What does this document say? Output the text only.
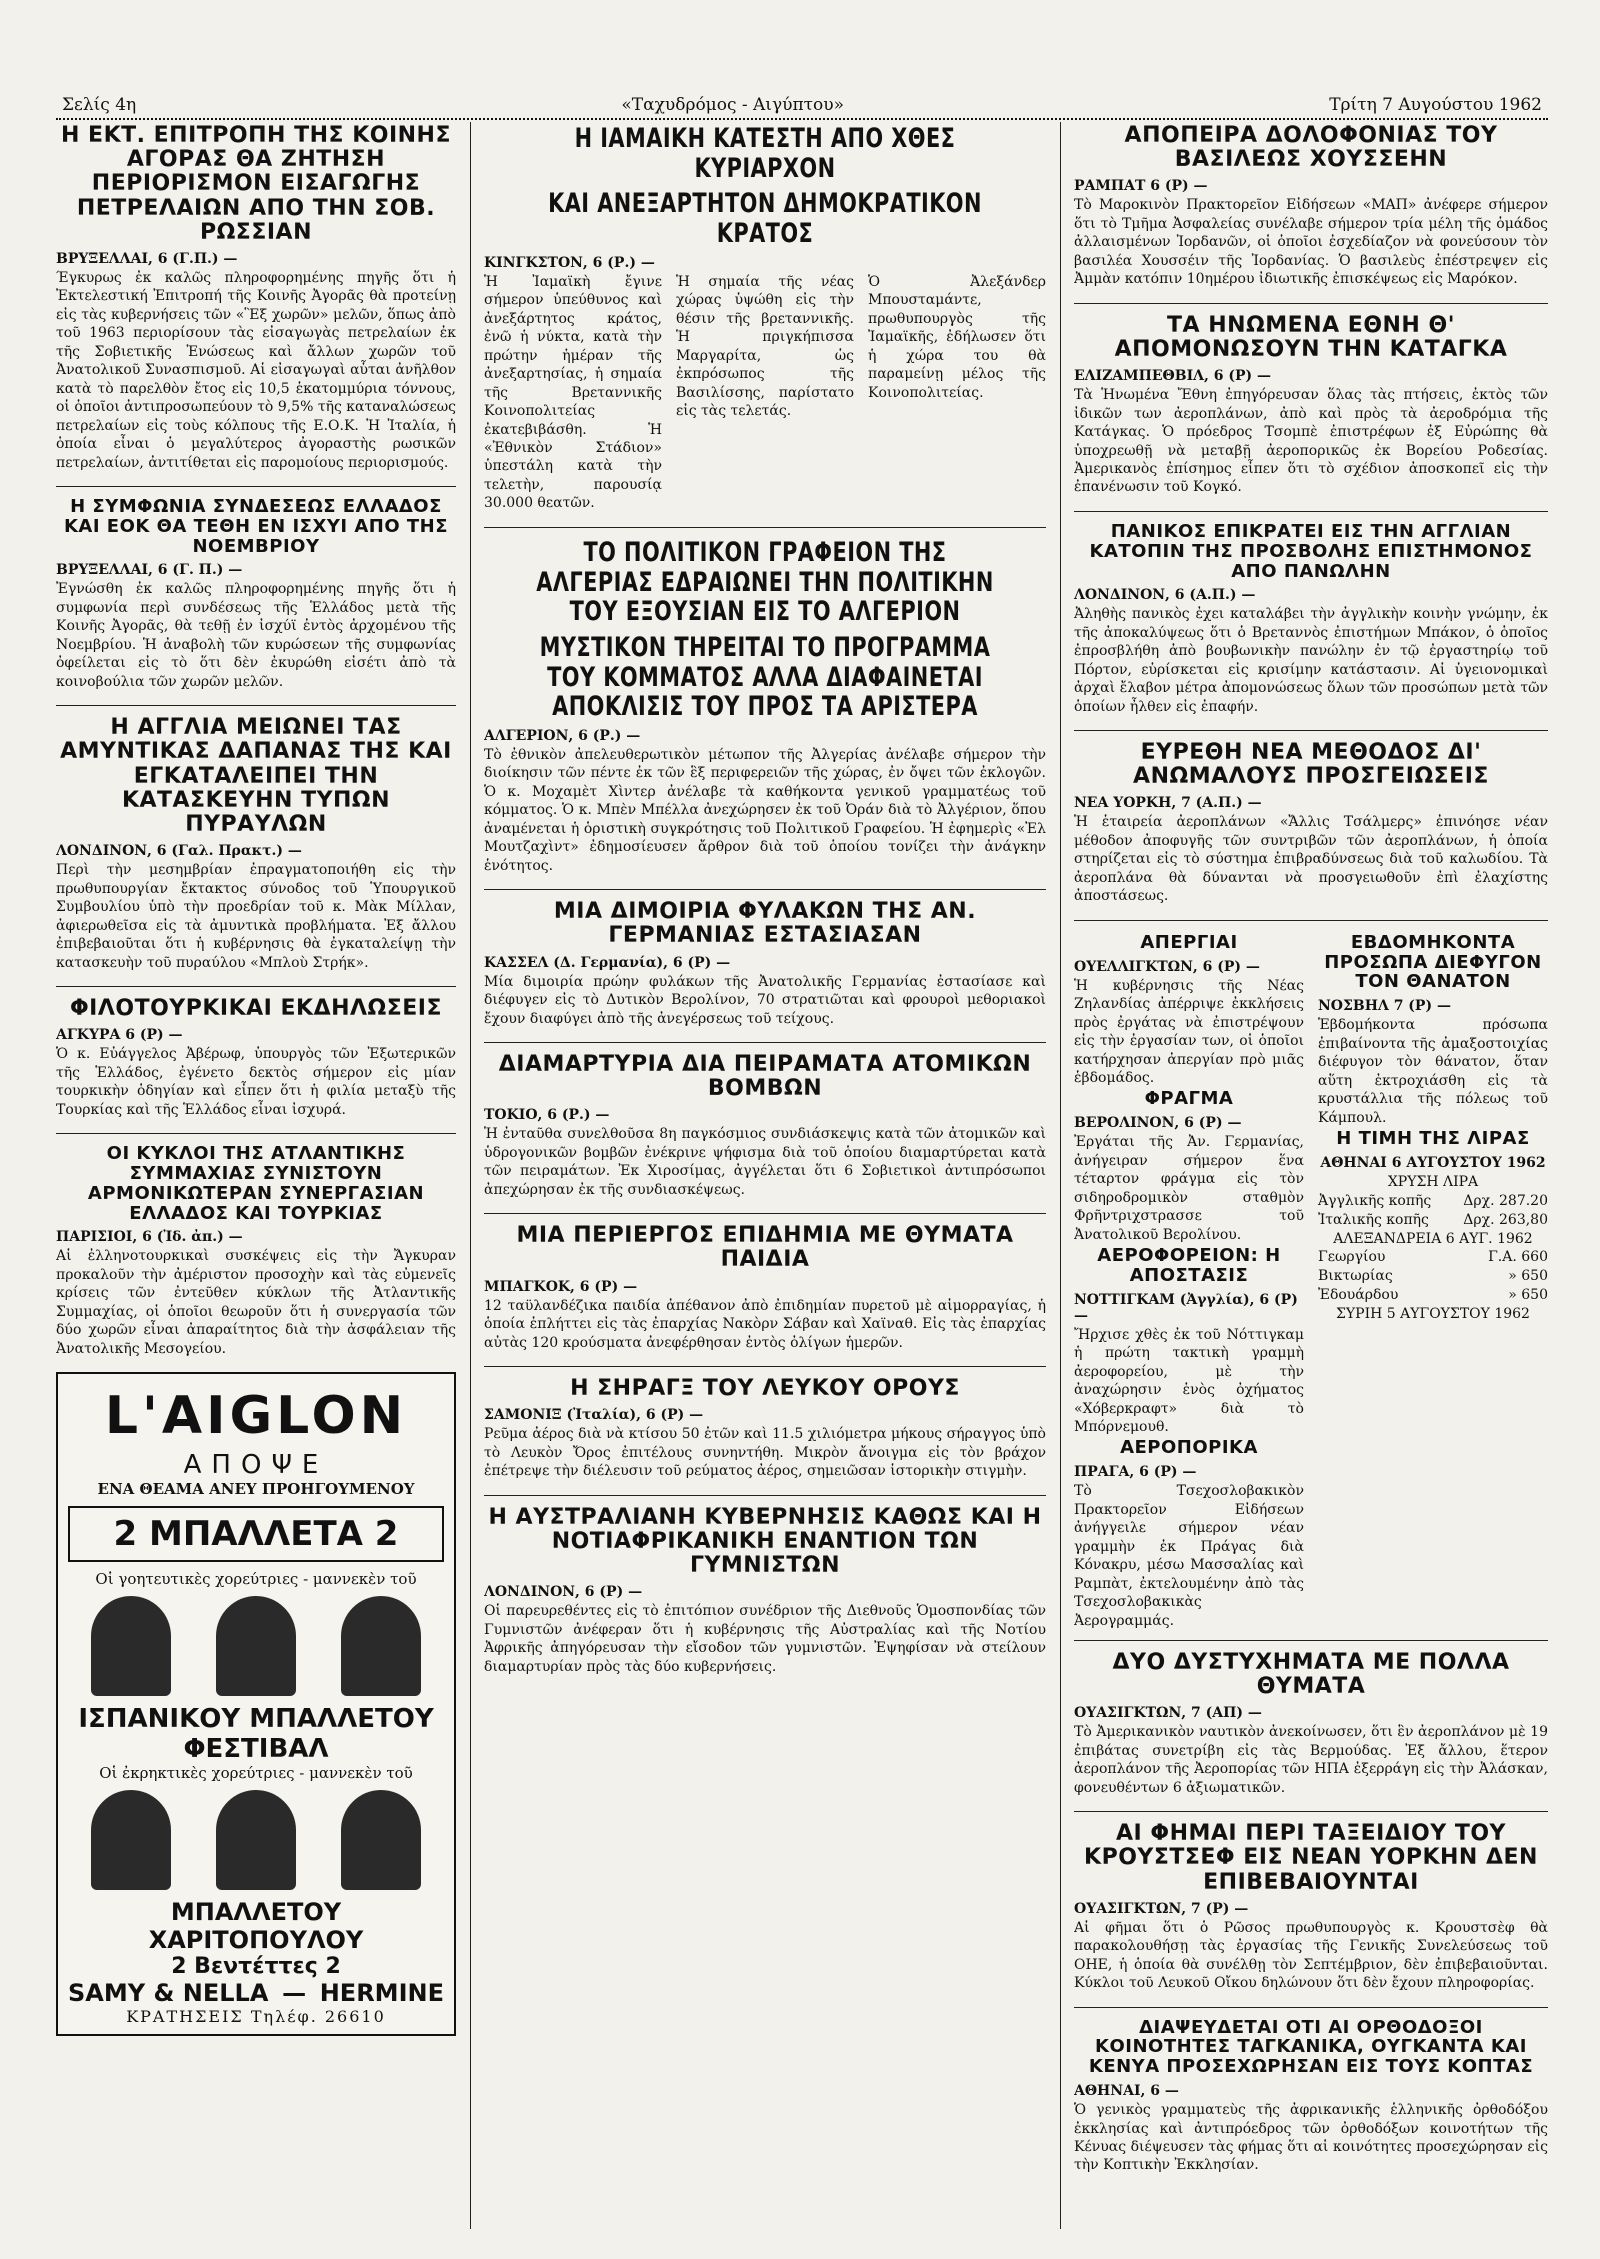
Σελίς 4η	«Ταχυδρόμος - Αιγύπτου»	Τρίτη 7 Αυγούστου 1962
Η ΕΚΤ. ΕΠΙΤΡΟΠΗ ΤΗΣ ΚΟΙΝΗΣ ΑΓΟΡΑΣ ΘΑ ΖΗΤΗΣΗ ΠΕΡΙΟΡΙΣΜΟΝ ΕΙΣΑΓΩΓΗΣ ΠΕΤΡΕΛΑΙΩΝ ΑΠΟ ΤΗΝ ΣΟΒ. ΡΩΣΣΙΑΝ
ΒΡΥΞΕΛΛΑΙ, 6 (Γ.Π.) —
Έγκυρως ἐκ καλῶς πληροφορημένης πηγῆς ὅτι ἡ Ἐκτελεστική Ἐπιτροπή τῆς Κοινῆς Ἀγορᾶς θὰ προτείνῃ εἰς τὰς κυβερνήσεις τῶν «Ἓξ χωρῶν» μελῶν, ὅπως ἀπὸ τοῦ 1963 περιορίσουν τὰς εἰσαγωγὰς πετρελαίων ἐκ τῆς Σοβιετικῆς Ἑνώσεως καὶ ἄλλων χωρῶν τοῦ Ἀνατολικοῦ Συνασπισμοῦ. Αἱ εἰσαγωγαὶ αὗται ἀνῆλθον κατὰ τὸ παρελθὸν ἔτος εἰς 10,5 ἑκατομμύρια τόννους, οἱ ὁποῖοι ἀντιπροσωπεύουν τὸ 9,5% τῆς καταναλώσεως πετρελαίων εἰς τοὺς κόλπους τῆς Ε.Ο.Κ. Ἡ Ἰταλία, ἡ ὁποία εἶναι ὁ μεγαλύτερος ἀγοραστὴς ρωσικῶν πετρελαίων, ἀντιτίθεται εἰς παρομοίους περιορισμούς.
Η ΣΥΜΦΩΝΙΑ ΣΥΝΔΕΣΕΩΣ ΕΛΛΑΔΟΣ ΚΑΙ ΕΟΚ ΘΑ ΤΕΘΗ ΕΝ ΙΣΧΥΙ ΑΠΟ ΤΗΣ ΝΟΕΜΒΡΙΟΥ
ΒΡΥΞΕΛΛΑΙ, 6 (Γ. Π.) —
Ἐγνώσθη ἐκ καλῶς πληροφορημένης πηγῆς ὅτι ἡ συμφωνία περὶ συνδέσεως τῆς Ἑλλάδος μετὰ τῆς Κοινῆς Ἀγορᾶς, θὰ τεθῇ ἐν ἰσχύϊ ἐντὸς ἀρχομένου τῆς Νοεμβρίου. Ἡ ἀναβολὴ τῶν κυρώσεων τῆς συμφωνίας ὀφείλεται εἰς τὸ ὅτι δὲν ἐκυρώθη εἰσέτι ἀπὸ τὰ κοινοβούλια τῶν χωρῶν μελῶν.
Η ΑΓΓΛΙΑ ΜΕΙΩΝΕΙ ΤΑΣ ΑΜΥΝΤΙΚΑΣ ΔΑΠΑΝΑΣ ΤΗΣ ΚΑΙ ΕΓΚΑΤΑΛΕΙΠΕΙ ΤΗΝ ΚΑΤΑΣΚΕΥΗΝ ΤΥΠΩΝ ΠΥΡΑΥΛΩΝ
ΛΟΝΔΙΝΟΝ, 6 (Γαλ. Πρακτ.) —
Περὶ τὴν μεσημβρίαν ἐπραγματοποιήθη εἰς τὴν πρωθυπουργίαν ἔκτακτος σύνοδος τοῦ Ὑπουργικοῦ Συμβουλίου ὑπὸ τὴν προεδρίαν τοῦ κ. Μὰκ Μίλλαν, ἀφιερωθεῖσα εἰς τὰ ἀμυντικὰ προβλήματα. Ἐξ ἄλλου ἐπιβεβαιοῦται ὅτι ἡ κυβέρνησις θὰ ἐγκαταλείψῃ τὴν κατασκευὴν τοῦ πυραύλου «Μπλοὺ Στρήκ».
ΦΙΛΟΤΟΥΡΚΙΚΑΙ ΕΚΔΗΛΩΣΕΙΣ
ΑΓΚΥΡΑ 6 (Ρ) —
Ὁ κ. Εὐάγγελος Ἀβέρωφ, ὑπουργὸς τῶν Ἐξωτερικῶν τῆς Ἑλλάδος, ἐγένετο δεκτὸς σήμερον εἰς μίαν τουρκικὴν ὁδηγίαν καὶ εἶπεν ὅτι ἡ φιλία μεταξὺ τῆς Τουρκίας καὶ τῆς Ἑλλάδος εἶναι ἰσχυρά.
ΟΙ ΚΥΚΛΟΙ ΤΗΣ ΑΤΛΑΝΤΙΚΗΣ ΣΥΜΜΑΧΙΑΣ ΣΥΝΙΣΤΟΥΝ ΑΡΜΟΝΙΚΩΤΕΡΑΝ ΣΥΝΕΡΓΑΣΙΑΝ ΕΛΛΑΔΟΣ ΚΑΙ ΤΟΥΡΚΙΑΣ
ΠΑΡΙΣΙΟΙ, 6 (Ἰδ. ἀπ.) —
Αἱ ἐλληνοτουρκικαὶ συσκέψεις εἰς τὴν Ἄγκυραν προκαλοῦν τὴν ἀμέριστον προσοχὴν καὶ τὰς εὐμενεῖς κρίσεις τῶν ἐντεῦθεν κύκλων τῆς Ἀτλαντικῆς Συμμαχίας, οἱ ὁποῖοι θεωροῦν ὅτι ἡ συνεργασία τῶν δύο χωρῶν εἶναι ἀπαραίτητος διὰ τὴν ἀσφάλειαν τῆς Ἀνατολικῆς Μεσογείου.
L'AIGLON
ΑΠΟΨΕ
ΕΝΑ ΘΕΑΜΑ ΑΝΕΥ ΠΡΟΗΓΟΥΜΕΝΟΥ
2 ΜΠΑΛΛΕΤΑ 2
Οἱ γοητευτικὲς χορεύτριες - μαννεκὲν τοῦ
ΙΣΠΑΝΙΚΟΥ ΜΠΑΛΛΕΤΟΥ ΦΕΣΤΙΒΑΛ
Οἱ ἐκρηκτικὲς χορεύτριες - μαννεκὲν τοῦ
ΜΠΑΛΛΕΤΟΥ ΧΑΡΙΤΟΠΟΥΛΟΥ
2 Βεντέττες 2
SAMY & NELLA — HERMINE
ΚΡΑΤΗΣΕΙΣ Τηλέφ. 26610
Η ΙΑΜΑΙΚΗ ΚΑΤΕΣΤΗ ΑΠΟ ΧΘΕΣ ΚΥΡΙΑΡΧΟΝ
ΚΑΙ ΑΝΕΞΑΡΤΗΤΟΝ ΔΗΜΟΚΡΑΤΙΚΟΝ ΚΡΑΤΟΣ
ΚΙΝΓΚΣΤΟΝ, 6 (Ρ.) —
Ἡ Ἰαμαϊκὴ ἔγινε σήμερον ὑπεύθυνος καὶ ἀνεξάρτητος κράτος, ἐνῶ ἡ νύκτα, κατὰ τὴν πρώτην ἡμέραν τῆς ἀνεξαρτησίας, ἡ σημαία τῆς Βρεταννικῆς Κοινοπολιτείας ἐκατεβιβάσθη. Ἡ «Ἐθνικὸν Στάδιον» ὑπεστάλη κατὰ τὴν τελετὴν, παρουσίᾳ 30.000 θεατῶν.
Ἡ σημαία τῆς νέας χώρας ὑψώθη εἰς τὴν θέσιν τῆς βρεταννικῆς. Ἡ πριγκήπισσα Μαργαρίτα, ὡς ἐκπρόσωπος τῆς Βασιλίσσης, παρίστατο εἰς τὰς τελετάς.
Ὁ Ἀλεξάνδερ Μπουσταμάντε, πρωθυπουργὸς τῆς Ἰαμαϊκῆς, ἐδήλωσεν ὅτι ἡ χώρα του θὰ παραμείνῃ μέλος τῆς Κοινοπολιτείας.
ΤΟ ΠΟΛΙΤΙΚΟΝ ΓΡΑΦΕΙΟΝ ΤΗΣ ΑΛΓΕΡΙΑΣ ΕΔΡΑΙΩΝΕΙ ΤΗΝ ΠΟΛΙΤΙΚΗΝ ΤΟΥ ΕΞΟΥΣΙΑΝ ΕΙΣ ΤΟ ΑΛΓΕΡΙΟΝ
ΜΥΣΤΙΚΟΝ ΤΗΡΕΙΤΑΙ ΤΟ ΠΡΟΓΡΑΜΜΑ ΤΟΥ ΚΟΜΜΑΤΟΣ ΑΛΛΑ ΔΙΑΦΑΙΝΕΤΑΙ ΑΠΟΚΛΙΣΙΣ ΤΟΥ ΠΡΟΣ ΤΑ ΑΡΙΣΤΕΡΑ
ΑΛΓΕΡΙΟΝ, 6 (Ρ.) —
Τὸ ἐθνικὸν ἀπελευθερωτικὸν μέτωπον τῆς Ἀλγερίας ἀνέλαβε σήμερον τὴν διοίκησιν τῶν πέντε ἐκ τῶν ἓξ περιφερειῶν τῆς χώρας, ἐν ὄψει τῶν ἐκλογῶν. Ὁ κ. Μοχαμὲτ Χὶντερ ἀνέλαβε τὰ καθήκοντα γενικοῦ γραμματέως τοῦ κόμματος. Ὁ κ. Μπὲν Μπέλλα ἀνεχώρησεν ἐκ τοῦ Ὀράν διὰ τὸ Ἀλγέριον, ὅπου ἀναμένεται ἡ ὁριστικὴ συγκρότησις τοῦ Πολιτικοῦ Γραφείου. Ἡ ἐφημερὶς «Ἐλ Μουτζαχὶντ» ἐδημοσίευσεν ἄρθρον διὰ τοῦ ὁποίου τονίζει τὴν ἀνάγκην ἑνότητος.
ΜΙΑ ΔΙΜΟΙΡΙΑ ΦΥΛΑΚΩΝ ΤΗΣ ΑΝ. ΓΕΡΜΑΝΙΑΣ ΕΣΤΑΣΙΑΣΑΝ
ΚΑΣΣΕΛ (Δ. Γερμανία), 6 (Ρ) —
Μία διμοιρία πρώην φυλάκων τῆς Ἀνατολικῆς Γερμανίας ἐστασίασε καὶ διέφυγεν εἰς τὸ Δυτικὸν Βερολίνον, 70 στρατιῶται καὶ φρουροὶ μεθοριακοὶ ἔχουν διαφύγει ἀπὸ τῆς ἀνεγέρσεως τοῦ τείχους.
ΔΙΑΜΑΡΤΥΡΙΑ ΔΙΑ ΠΕΙΡΑΜΑΤΑ ΑΤΟΜΙΚΩΝ ΒΟΜΒΩΝ
ΤΟΚΙΟ, 6 (Ρ.) —
Ἡ ἐνταῦθα συνελθοῦσα 8η παγκόσμιος συνδιάσκεψις κατὰ τῶν ἀτομικῶν καὶ ὑδρογονικῶν βομβῶν ἐνέκρινε ψήφισμα διὰ τοῦ ὁποίου διαμαρτύρεται κατὰ τῶν πειραμάτων. Ἐκ Χιροσίμας, ἀγγέλεται ὅτι 6 Σοβιετικοὶ ἀντιπρόσωποι ἀπεχώρησαν ἐκ τῆς συνδιασκέψεως.
ΜΙΑ ΠΕΡΙΕΡΓΟΣ ΕΠΙΔΗΜΙΑ ΜΕ ΘΥΜΑΤΑ ΠΑΙΔΙΑ
ΜΠΑΓΚΟΚ, 6 (Ρ) —
12 ταϋλανδέζικα παιδία ἀπέθανον ἀπὸ ἐπιδημίαν πυρετοῦ μὲ αἱμορραγίας, ἡ ὁποία ἐπλήττει εἰς τὰς ἐπαρχίας Νακὸρν Σάβαν καὶ Χαϊναθ. Εἰς τὰς ἐπαρχίας αὐτὰς 120 κρούσματα ἀνεφέρθησαν ἐντὸς ὀλίγων ἡμερῶν.
Η ΣΗΡΑΓΞ ΤΟΥ ΛΕΥΚΟΥ ΟΡΟΥΣ
ΣΑΜΟΝΙΞ (Ἰταλία), 6 (Ρ) —
Ρεῦμα ἀέρος διὰ νὰ κτίσου 50 ἐτῶν καὶ 11.5 χιλιόμετρα μήκους σήραγγος ὑπὸ τὸ Λευκὸν Ὄρος ἐπιτέλους συνηντήθη. Μικρὸν ἄνοιγμα εἰς τὸν βράχον ἐπέτρεψε τὴν διέλευσιν τοῦ ρεύματος ἀέρος, σημειῶσαν ἱστορικὴν στιγμὴν.
Η ΑΥΣΤΡΑΛΙΑΝΗ ΚΥΒΕΡΝΗΣΙΣ ΚΑΘΩΣ ΚΑΙ Η ΝΟΤΙΑΦΡΙΚΑΝΙΚΗ ΕΝΑΝΤΙΟΝ ΤΩΝ ΓΥΜΝΙΣΤΩΝ
ΛΟΝΔΙΝΟΝ, 6 (Ρ) —
Οἱ παρευρεθέντες εἰς τὸ ἐπιτόπιον συνέδριον τῆς Διεθνοῦς Ὁμοσπονδίας τῶν Γυμνιστῶν ἀνέφεραν ὅτι ἡ κυβέρνησις τῆς Αὐστραλίας καὶ τῆς Νοτίου Ἀφρικῆς ἀπηγόρευσαν τὴν εἴσοδον τῶν γυμνιστῶν. Ἐψηφίσαν νὰ στείλουν διαμαρτυρίαν πρὸς τὰς δύο κυβερνήσεις.
ΑΠΟΠΕΙΡΑ ΔΟΛΟΦΟΝΙΑΣ ΤΟΥ ΒΑΣΙΛΕΩΣ ΧΟΥΣΣΕΗΝ
ΡΑΜΠΑΤ 6 (Ρ) —
Τὸ Μαρoκινὸν Πρακτορεῖον Εἰδήσεων «ΜΑΠ» ἀνέφερε σήμερον ὅτι τὸ Τμῆμα Ἀσφαλείας συνέλαβε σήμερον τρία μέλη τῆς ὁμάδος ἀλλαισμένων Ἰορδανῶν, οἱ ὁποῖοι ἐσχεδίαζον νὰ φονεύσουν τὸν βασιλέα Χουσσέιν τῆς Ἰορδανίας. Ὁ βασιλεὺς ἐπέστρεψεν εἰς Ἀμμὰν κατόπιν 10ημέρου ἰδιωτικῆς ἐπισκέψεως εἰς Μαρόκον.
ΤΑ ΗΝΩΜΕΝΑ ΕΘΝΗ Θ' ΑΠΟΜΟΝΩΣΟΥΝ ΤΗΝ ΚΑΤΑΓΚΑ
ΕΛΙΖΑΜΠΕΘΒΙΛ, 6 (Ρ) —
Τὰ Ἡνωμένα Ἔθνη ἐπηγόρευσαν ὅλας τὰς πτήσεις, ἐκτὸς τῶν ἰδικῶν των ἀεροπλάνων, ἀπὸ καὶ πρὸς τὰ ἀεροδρόμια τῆς Κατάγκας. Ὁ πρόεδρος Τσομπὲ ἐπιστρέφων ἐξ Εὐρώπης θὰ ὑποχρεωθῇ νὰ μεταβῇ ἀεροπορικῶς ἐκ Βορείου Ροδεσίας. Ἀμερικανὸς ἐπίσημος εἶπεν ὅτι τὸ σχέδιον ἀποσκοπεῖ εἰς τὴν ἐπανένωσιν τοῦ Κογκό.
ΠΑΝΙΚΟΣ ΕΠΙΚΡΑΤΕΙ ΕΙΣ ΤΗΝ ΑΓΓΛΙΑΝ ΚΑΤΟΠΙΝ ΤΗΣ ΠΡΟΣΒΟΛΗΣ ΕΠΙΣΤΗΜΟΝΟΣ ΑΠΟ ΠΑΝΩΛΗΝ
ΛΟΝΔΙΝΟΝ, 6 (Α.Π.) —
Ἀληθὴς πανικὸς ἐχει καταλάβει τὴν ἀγγλικὴν κοινὴν γνώμην, ἐκ τῆς ἀποκαλύψεως ὅτι ὁ Βρεταννὸς ἐπιστήμων Μπάκον, ὁ ὁποῖος ἐπροσβλήθη ἀπὸ βουβωνικὴν πανώλην ἐν τῷ ἐργαστηρίῳ τοῦ Πόρτον, εὑρίσκεται εἰς κρισίμην κατάστασιν. Αἱ ὑγειονομικαὶ ἀρχαὶ ἔλαβον μέτρα ἀπομονώσεως ὅλων τῶν προσώπων μετὰ τῶν ὁποίων ἦλθεν εἰς ἐπαφήν.
ΕΥΡΕΘΗ ΝΕΑ ΜΕΘΟΔΟΣ ΔΙ' ΑΝΩΜΑΛΟΥΣ ΠΡΟΣΓΕΙΩΣΕΙΣ
ΝΕΑ ΥΟΡΚΗ, 7 (Α.Π.) —
Ἡ ἑταιρεία ἀεροπλάνων «Ἄλλις Τσάλμερς» ἐπινόησε νέαν μέθοδον ἀποφυγῆς τῶν συντριβῶν τῶν ἀεροπλάνων, ἡ ὁποία στηρίζεται εἰς τὸ σύστημα ἐπιβραδύνσεως διὰ τοῦ καλωδίου. Τὰ ἀεροπλάνα θὰ δύνανται νὰ προσγειωθοῦν ἐπὶ ἐλαχίστης ἀποστάσεως.
ΑΠΕΡΓΙΑΙ
ΟΥΕΛΛΙΓΚΤΩΝ, 6 (Ρ) —
Ἡ κυβέρνησις τῆς Νέας Ζηλανδίας ἀπέρριψε ἐκκλήσεις πρὸς ἐργάτας νὰ ἐπιστρέψουν εἰς τὴν ἐργασίαν των, οἱ ὁποῖοι κατήρχησαν ἀπεργίαν πρὸ μιᾶς ἑβδομάδος.
ΦΡΑΓΜΑ
ΒΕΡΟΛΙΝΟΝ, 6 (Ρ) —
Ἐργάται τῆς Ἀν. Γερμανίας, ἀνήγειραν σήμερον ἕνα τέταρτον φράγμα εἰς τὸν σιδηροδρομικὸν σταθμὸν Φρῆντριχστρασσε τοῦ Ἀνατολικοῦ Βερολίνου.
ΑΕΡΟΦΟΡΕΙΟΝ: Η ΑΠΟΣΤΑΣΙΣ
ΝΟΤΤΙΓΚΑΜ (Ἀγγλία), 6 (Ρ) —
Ἤρχισε χθὲς ἐκ τοῦ Νόττιγκαμ ἡ πρώτη τακτικὴ γραμμὴ ἀεροφορείου, μὲ τὴν ἀναχώρησιν ἑνὸς ὀχήματος «Χόβερκραφτ» διὰ τὸ Μπόρνεμουθ.
ΑΕΡΟΠΟΡΙΚΑ
ΠΡΑΓΑ, 6 (Ρ) —
Τὸ Τσεχοσλοβακικὸν Πρακτορεῖον Εἰδήσεων ἀνήγγειλε σήμερον νέαν γραμμὴν ἐκ Πράγας διὰ Κόνακρυ, μέσω Μασσαλίας καὶ Ραμπὰτ, ἐκτελουμένην ἀπὸ τὰς Τσεχοσλοβακικὰς Ἀερογραμμάς.
ΕΒΔΟΜΗΚΟΝΤΑ ΠΡΟΣΩΠΑ ΔΙΕΦΥΓΟΝ ΤΟΝ ΘΑΝΑΤΟΝ
ΝΟΣΒΗΛ 7 (Ρ) —
Ἑβδομήκοντα πρόσωπα ἐπιβαίνοντα τῆς ἀμαξοστοιχίας διέφυγον τὸν θάνατον, ὅταν αὕτη ἐκτροχιάσθη εἰς τὰ κρυστάλλια τῆς πόλεως τοῦ Κάμπουλ.
Η ΤΙΜΗ ΤΗΣ ΛΙΡΑΣ
ΑΘΗΝΑΙ 6 ΑΥΓΟΥΣΤΟΥ 1962
ΧΡΥΣΗ ΛΙΡΑ
Ἀγγλικῆς κοπῆς Δρχ. 287.20
Ἰταλικῆς κοπῆς Δρχ. 263,80
ΑΛΕΞΑΝΔΡΕΙΑ 6 ΑΥΓ. 1962
Γεωργίου	Γ.Α. 660
Βικτωρίας	» 650
Ἐδουάρδου	» 650
ΣΥΡΙΗ 5 ΑΥΓΟΥΣΤΟΥ 1962
ΔΥΟ ΔΥΣΤΥΧΗΜΑΤΑ ΜΕ ΠΟΛΛΑ ΘΥΜΑΤΑ
ΟΥΑΣΙΓΚΤΩΝ, 7 (ΑΠ) —
Τὸ Ἀμερικανικὸν ναυτικὸν ἀνεκοίνωσεν, ὅτι ἓν ἀεροπλάνον μὲ 19 ἐπιβάτας συνετρίβη εἰς τὰς Βερμούδας. Ἐξ ἄλλου, ἕτερον ἀεροπλάνον τῆς Ἀεροπορίας τῶν ΗΠΑ ἐξερράγη εἰς τὴν Ἀλάσκαν, φονευθέντων 6 ἀξιωματικῶν.
ΑΙ ΦΗΜΑΙ ΠΕΡΙ ΤΑΞΕΙΔΙΟΥ ΤΟΥ ΚΡΟΥΣΤΣΕΦ ΕΙΣ ΝΕΑΝ ΥΟΡΚΗΝ ΔΕΝ ΕΠΙΒΕΒΑΙΟΥΝΤΑΙ
ΟΥΑΣΙΓΚΤΩΝ, 7 (Ρ) —
Αἱ φῆμαι ὅτι ὁ Ρῶσος πρωθυπουργὸς κ. Κρουστσὲφ θὰ παρακολουθήσῃ τὰς ἐργασίας τῆς Γενικῆς Συνελεύσεως τοῦ ΟΗΕ, ἡ ὁποία θὰ συνέλθῃ τὸν Σεπτέμβριον, δὲν ἐπιβεβαιοῦνται. Κύκλοι τοῦ Λευκοῦ Οἴκου δηλώνουν ὅτι δὲν ἔχουν πληροφορίας.
ΔΙΑΨΕΥΔΕΤΑΙ ΟΤΙ ΑΙ ΟΡΘΟΔΟΞΟΙ ΚΟΙΝΟΤΗΤΕΣ ΤΑΓΚΑΝΙΚΑ, ΟΥΓΚΑΝΤΑ ΚΑΙ ΚΕΝΥΑ ΠΡΟΣΕΧΩΡΗΣΑΝ ΕΙΣ ΤΟΥΣ ΚΟΠΤΑΣ
ΑΘΗΝΑΙ, 6 —
Ὁ γενικὸς γραμματεὺς τῆς ἀφρικανικῆς ἑλληνικῆς ὀρθοδόξου ἐκκλησίας καὶ ἀντιπρόεδρος τῶν ὀρθοδόξων κοινοτήτων τῆς Κένυας διέψευσεν τὰς φήμας ὅτι αἱ κοινότητες προσεχώρησαν εἰς τὴν Κοπτικὴν Ἐκκλησίαν.
